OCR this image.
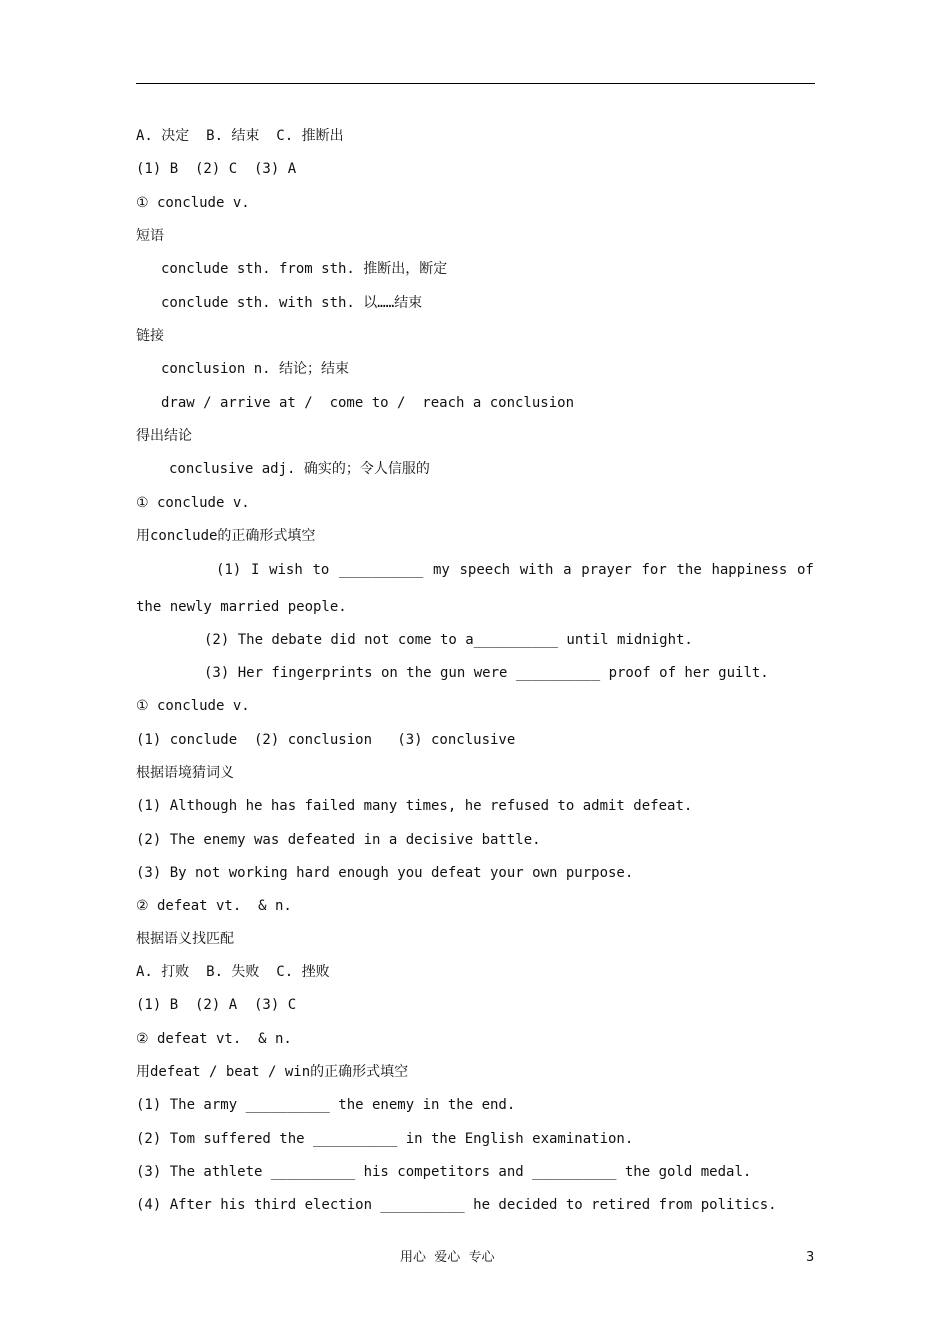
A. 决定  B. 结束  C. 推断出
(1) B  (2) C  (3) A
① conclude v.
短语
conclude sth. from sth. 推断出，断定
conclude sth. with sth. 以……结束
链接
conclusion n. 结论；结束
draw / arrive at /  come to /  reach a conclusion
得出结论
conclusive adj. 确实的；令人信服的
① conclude v.
用conclude的正确形式填空
(1) I wish to __________ my speech with a prayer for the happiness of
the newly married people.
(2) The debate did not come to a__________ until midnight.
(3) Her fingerprints on the gun were __________ proof of her guilt.
① conclude v.
(1) conclude  (2) conclusion   (3) conclusive
根据语境猜词义
(1) Although he has failed many times, he refused to admit defeat.
(2) The enemy was defeated in a decisive battle.
(3) By not working hard enough you defeat your own purpose.
② defeat vt.  & n.
根据语义找匹配
A. 打败  B. 失败  C. 挫败
(1) B  (2) A  (3) C
② defeat vt.  & n.
用defeat / beat / win的正确形式填空
(1) The army __________ the enemy in the end.
(2) Tom suffered the __________ in the English examination.
(3) The athlete __________ his competitors and __________ the gold medal.
(4) After his third election __________ he decided to retired from politics.
用心  爱心  专心	3
